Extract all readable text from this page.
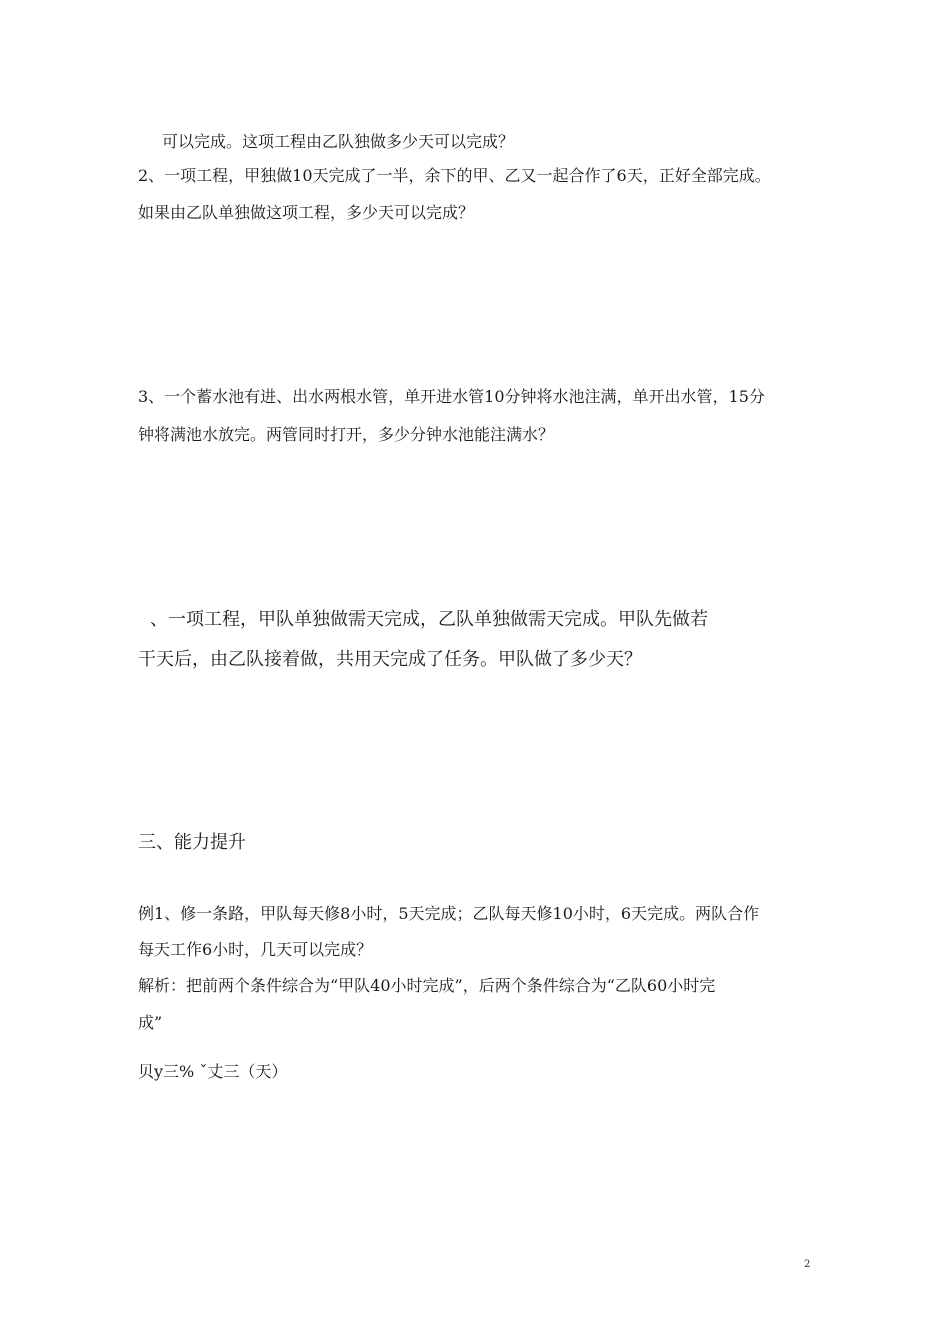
可以完成。这项工程由乙队独做多少天可以完成？
2、一项工程，甲独做10天完成了一半，余下的甲、乙又一起合作了6天，正好全部完成。
如果由乙队单独做这项工程，多少天可以完成？
3、一个蓄水池有进、出水两根水管，单开进水管10分钟将水池注满，单开出水管，15分
钟将满池水放完。两管同时打开，多少分钟水池能注满水？
、一项工程，甲队单独做需天完成，乙队单独做需天完成。甲队先做若
干天后，由乙队接着做，共用天完成了任务。甲队做了多少天？
三、能力提升
例1、修一条路，甲队每天修8小时，5天完成；乙队每天修10小时，6天完成。两队合作
每天工作6小时，几天可以完成？
解析：把前两个条件综合为“甲队40小时完成”，后两个条件综合为“乙队60小时完
成”
贝y三% ˇ丈三（天）
2
